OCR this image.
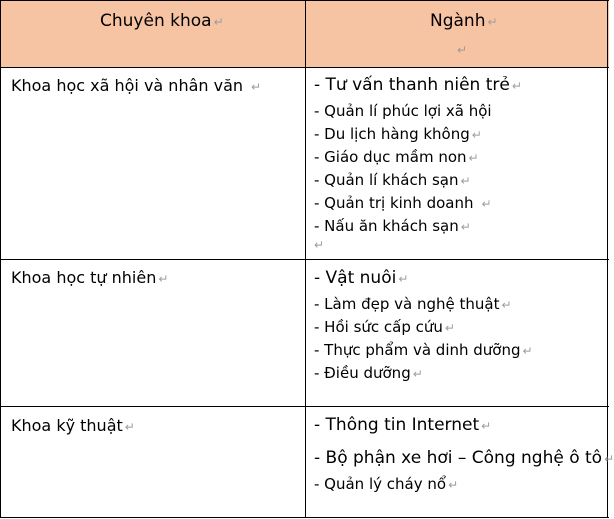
Chuyên khoa ↵	Ngành ↵
↵
Khoa học xã hội và nhân văn ↵	- Tư vấn thanh niên trẻ ↵
- Quản lí phúc lợi xã hội
- Du lịch hàng không ↵
- Giáo dục mầm non ↵
- Quản lí khách sạn ↵
- Quản trị kinh doanh ↵
- Nấu ăn khách sạn ↵
↵
Khoa học tự nhiên ↵	- Vật nuôi ↵
- Làm đẹp và nghệ thuật ↵
- Hồi sức cấp cứu ↵
- Thực phẩm và dinh dưỡng ↵
- Điều dưỡng ↵
Khoa kỹ thuật ↵	- Thông tin Internet ↵
- Bộ phận xe hơi – Công nghệ ô tô ↵
- Quản lý cháy nổ ↵
